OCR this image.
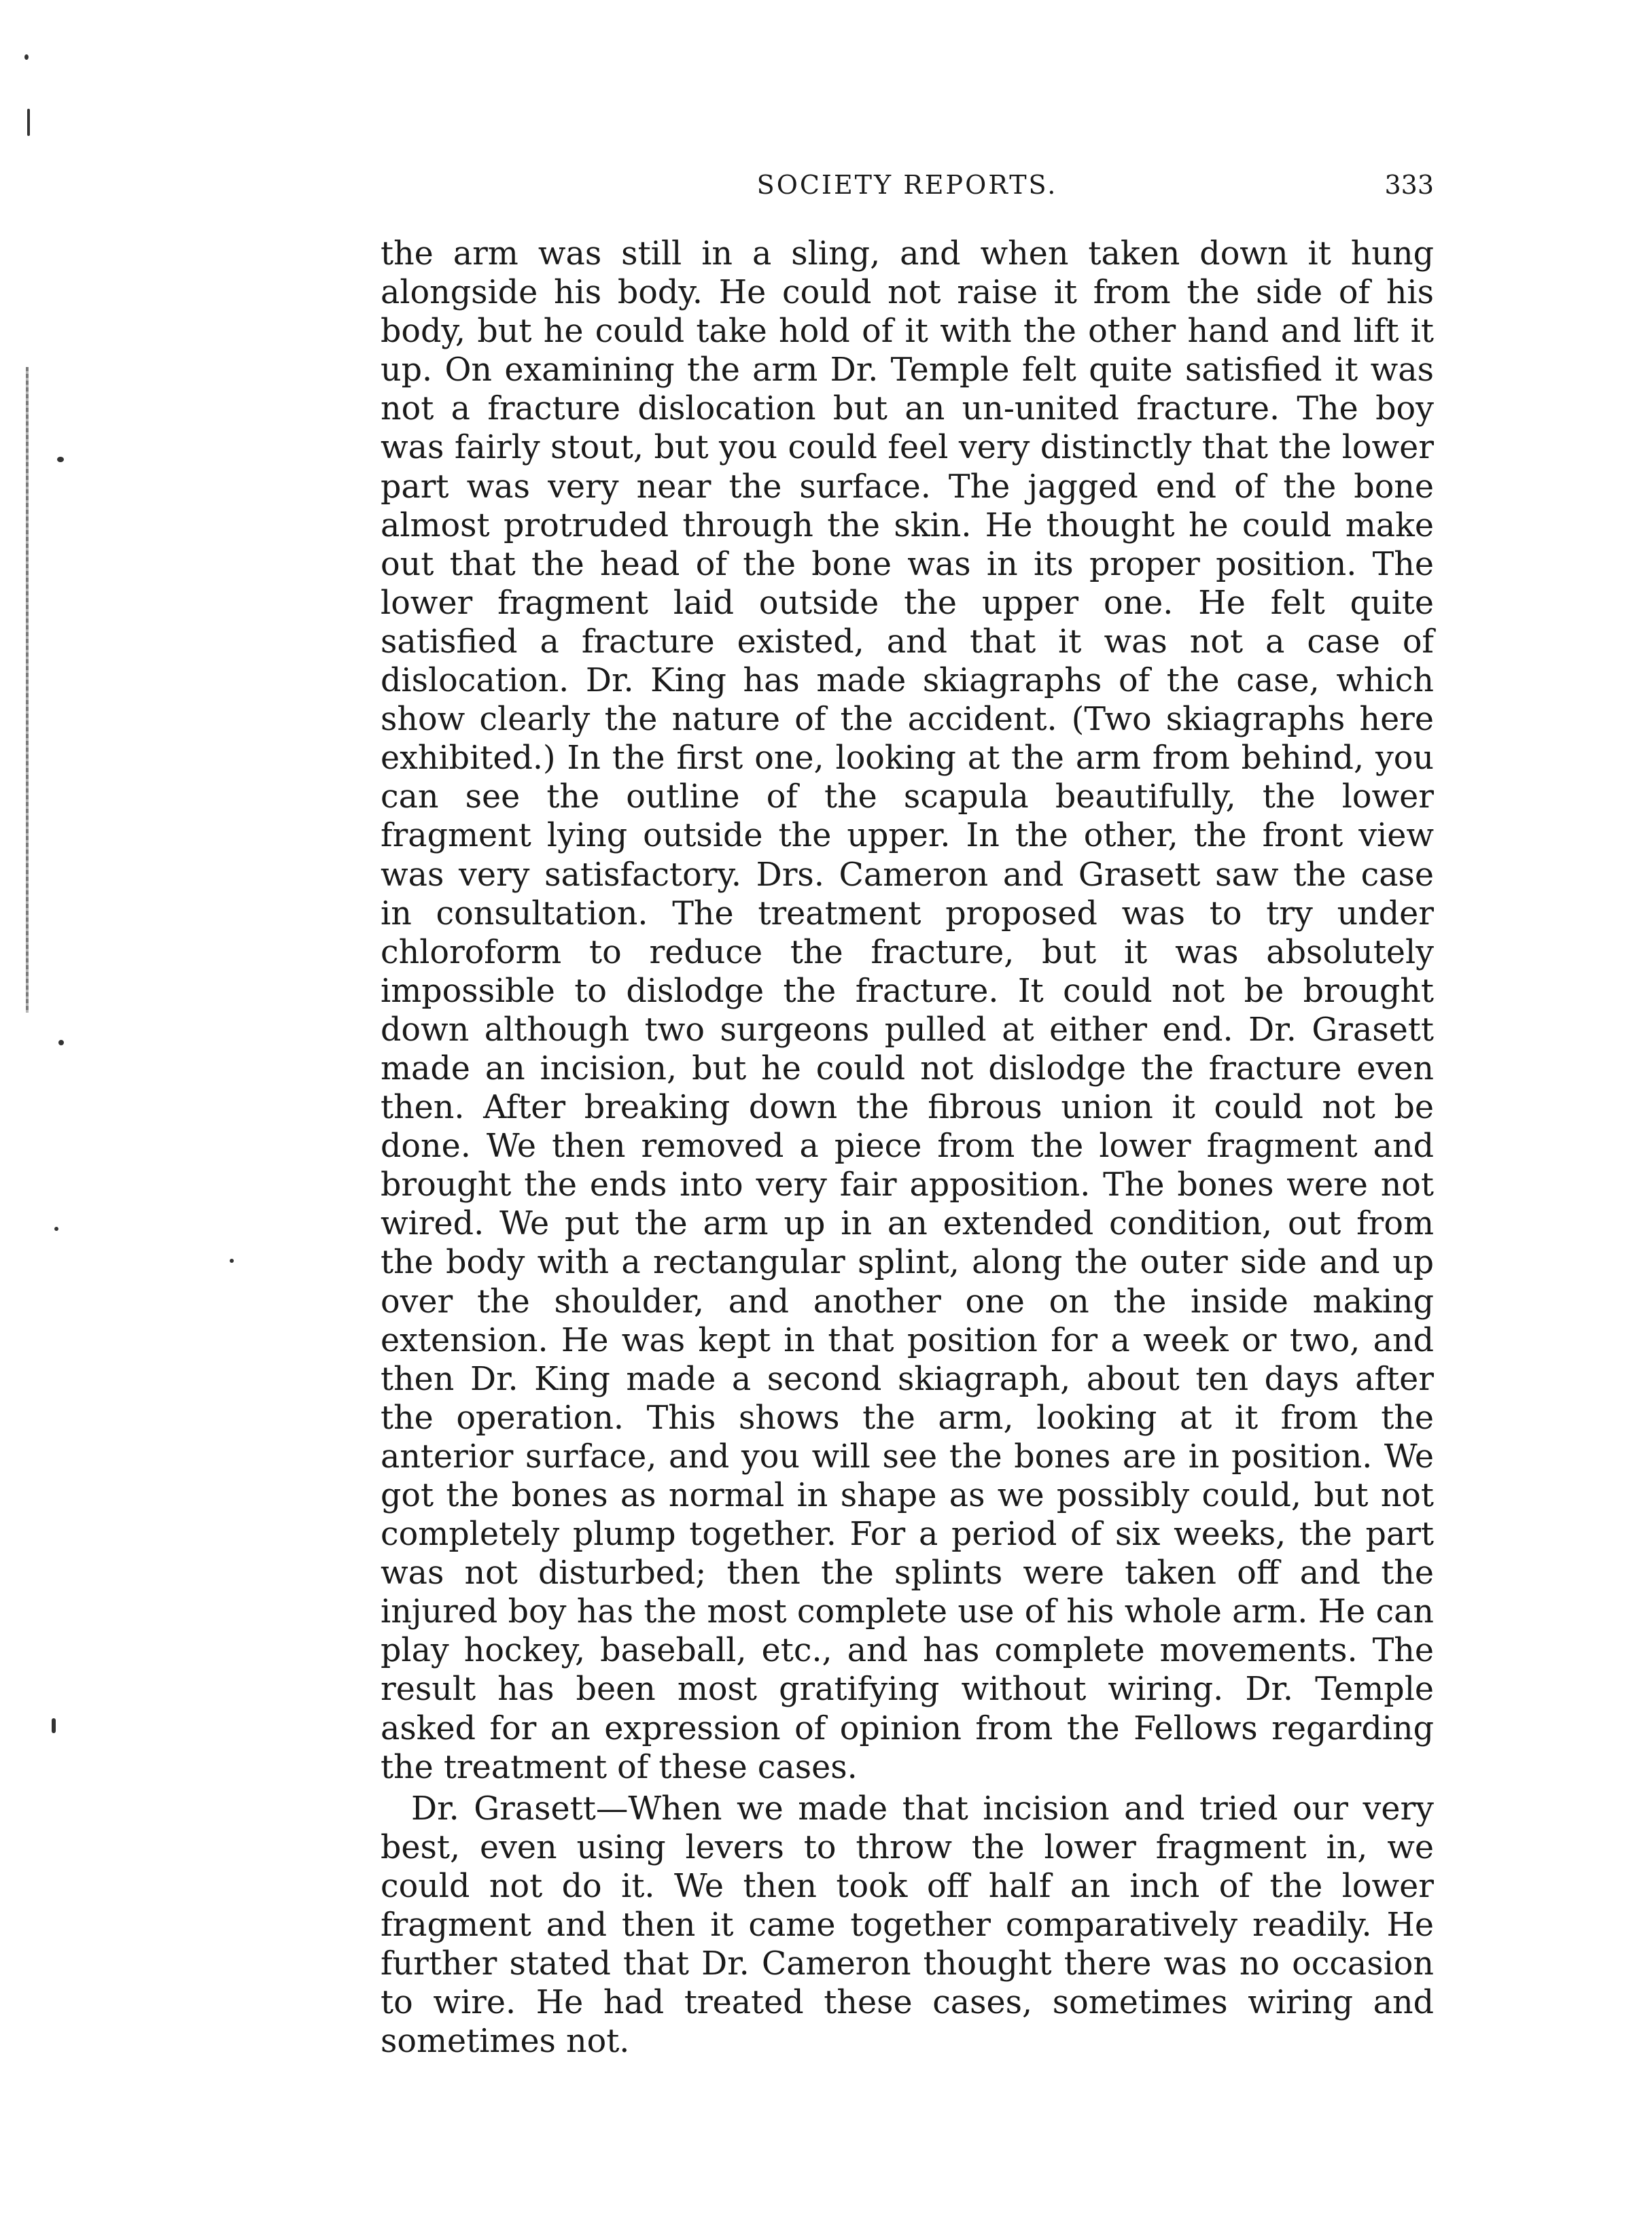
SOCIETY REPORTS.	333

the arm was still in a sling, and when taken down it hung alongside his body. He could not raise it from the side of his body, but he could take hold of it with the other hand and lift it up. On examining the arm Dr. Temple felt quite satisfied it was not a fracture dislocation but an un-united fracture. The boy was fairly stout, but you could feel very distinctly that the lower part was very near the surface. The jagged end of the bone almost protruded through the skin. He thought he could make out that the head of the bone was in its proper position. The lower fragment laid outside the upper one. He felt quite satisfied a fracture existed, and that it was not a case of dislocation. Dr. King has made skiagraphs of the case, which show clearly the nature of the accident. (Two skiagraphs here exhibited.) In the first one, looking at the arm from behind, you can see the outline of the scapula beautifully, the lower fragment lying outside the upper. In the other, the front view was very satisfactory. Drs. Cameron and Grasett saw the case in consultation. The treatment proposed was to try under chloroform to reduce the fracture, but it was absolutely impossible to dislodge the fracture. It could not be brought down although two surgeons pulled at either end. Dr. Grasett made an incision, but he could not dislodge the fracture even then. After breaking down the fibrous union it could not be done. We then removed a piece from the lower fragment and brought the ends into very fair apposition. The bones were not wired. We put the arm up in an extended condition, out from the body with a rectangular splint, along the outer side and up over the shoulder, and another one on the inside making extension. He was kept in that position for a week or two, and then Dr. King made a second skiagraph, about ten days after the operation. This shows the arm, looking at it from the anterior surface, and you will see the bones are in position. We got the bones as normal in shape as we possibly could, but not completely plump together. For a period of six weeks, the part was not disturbed; then the splints were taken off and the injured boy has the most complete use of his whole arm. He can play hockey, baseball, etc., and has complete movements. The result has been most gratifying without wiring. Dr. Temple asked for an expression of opinion from the Fellows regarding the treatment of these cases.

Dr. Grasett—When we made that incision and tried our very best, even using levers to throw the lower fragment in, we could not do it. We then took off half an inch of the lower fragment and then it came together comparatively readily. He further stated that Dr. Cameron thought there was no occasion to wire. He had treated these cases, sometimes wiring and sometimes not.
